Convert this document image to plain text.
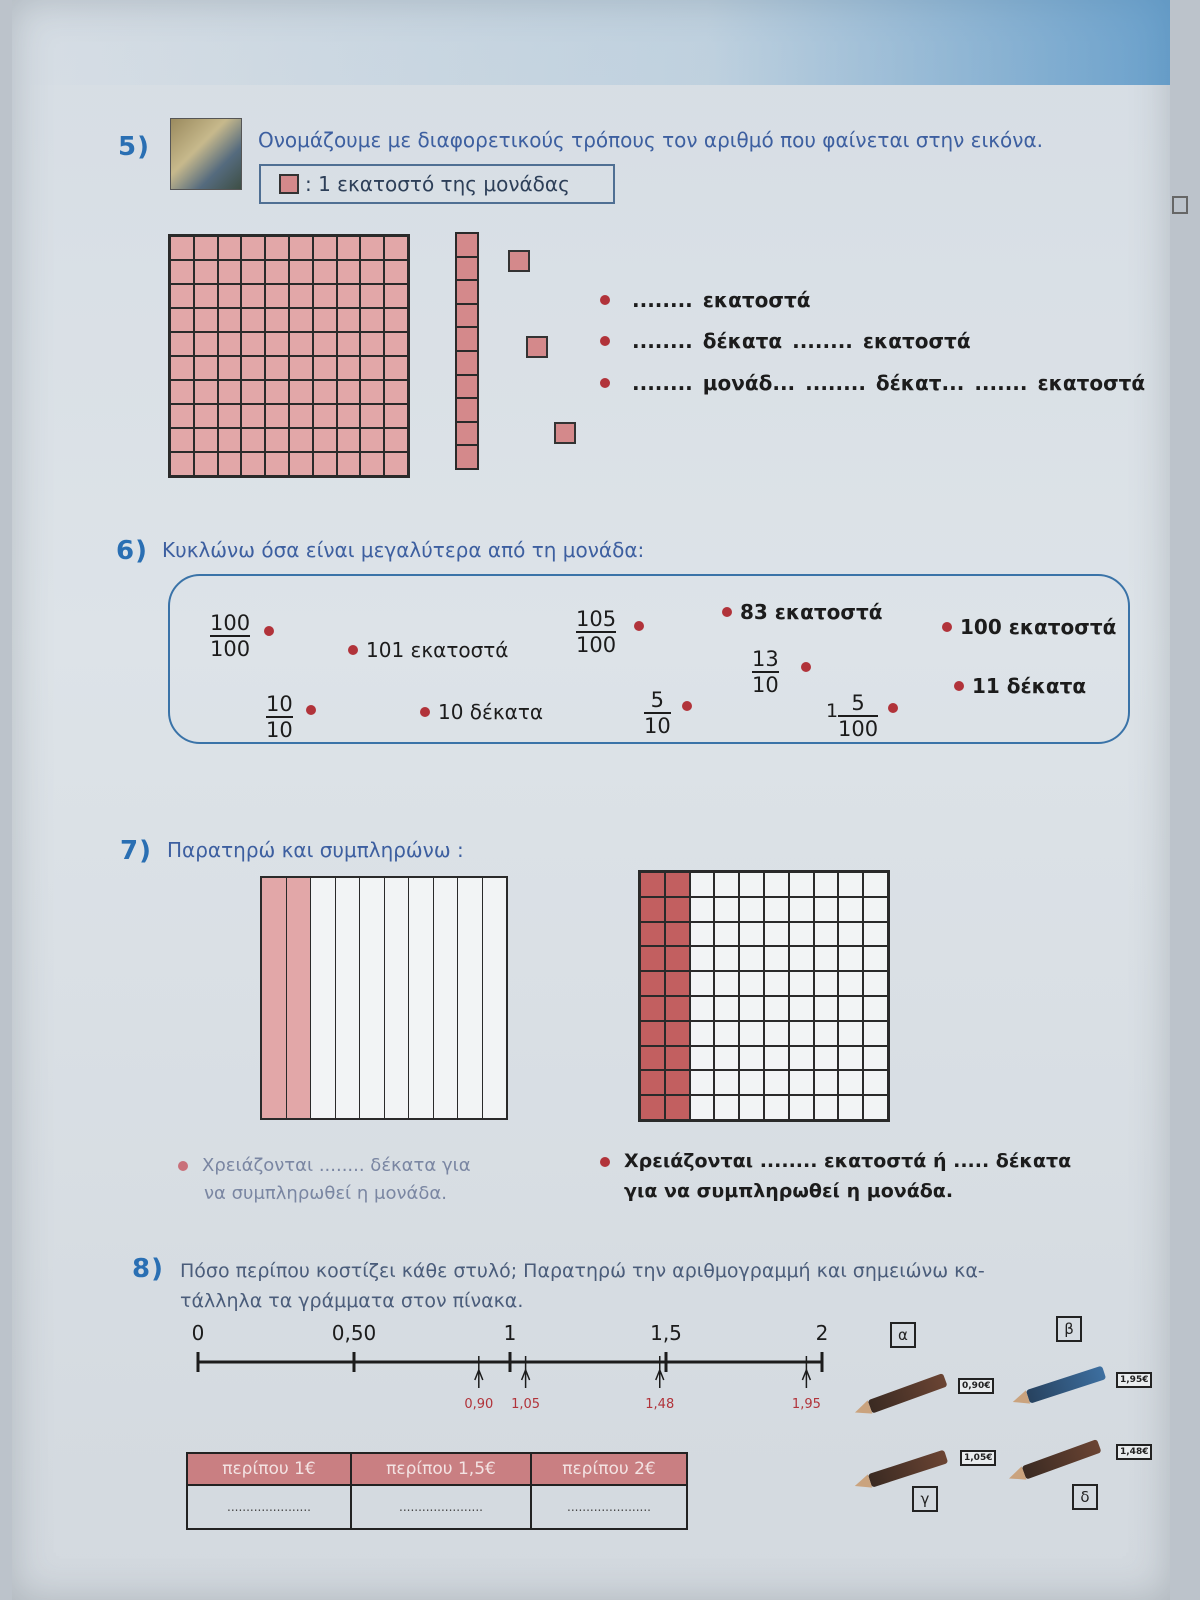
5)	Ονομάζουμε με διαφορετικούς τρόπους τον αριθμό που φαίνεται στην εικόνα.
: 1 εκατοστό της μονάδας
........ εκατοστά
........ δέκατα ........ εκατοστά
........ μονάδ... ........ δέκατ... ....... εκατοστά
6) Κυκλώνω όσα είναι μεγαλύτερα από τη μονάδα:
100
100
105
100
13
10
10
10
5
10
1 5
100
101 εκατοστά
83 εκατοστά
100 εκατοστά
11 δέκατα
10 δέκατα
7) Παρατηρώ και συμπληρώνω :
Χρειάζονται ........ δέκατα για
να συμπληρωθεί η μονάδα.
Χρειάζονται ........ εκατοστά ή ..... δέκατα
για να συμπληρωθεί η μονάδα.
8) Πόσο περίπου κοστίζει κάθε στυλό; Παρατηρώ την αριθμογραμμή και σημειώνω κα-
τάλληλα τα γράμματα στον πίνακα.
0	0,50	1	1,5	2
0,90 1,05	1,48	1,95
περίπου 1€	περίπου 1,5€	περίπου 2€
......................	......................	......................
α	β
0,90€
1,95€
1,05€
1,48€
γ	δ
